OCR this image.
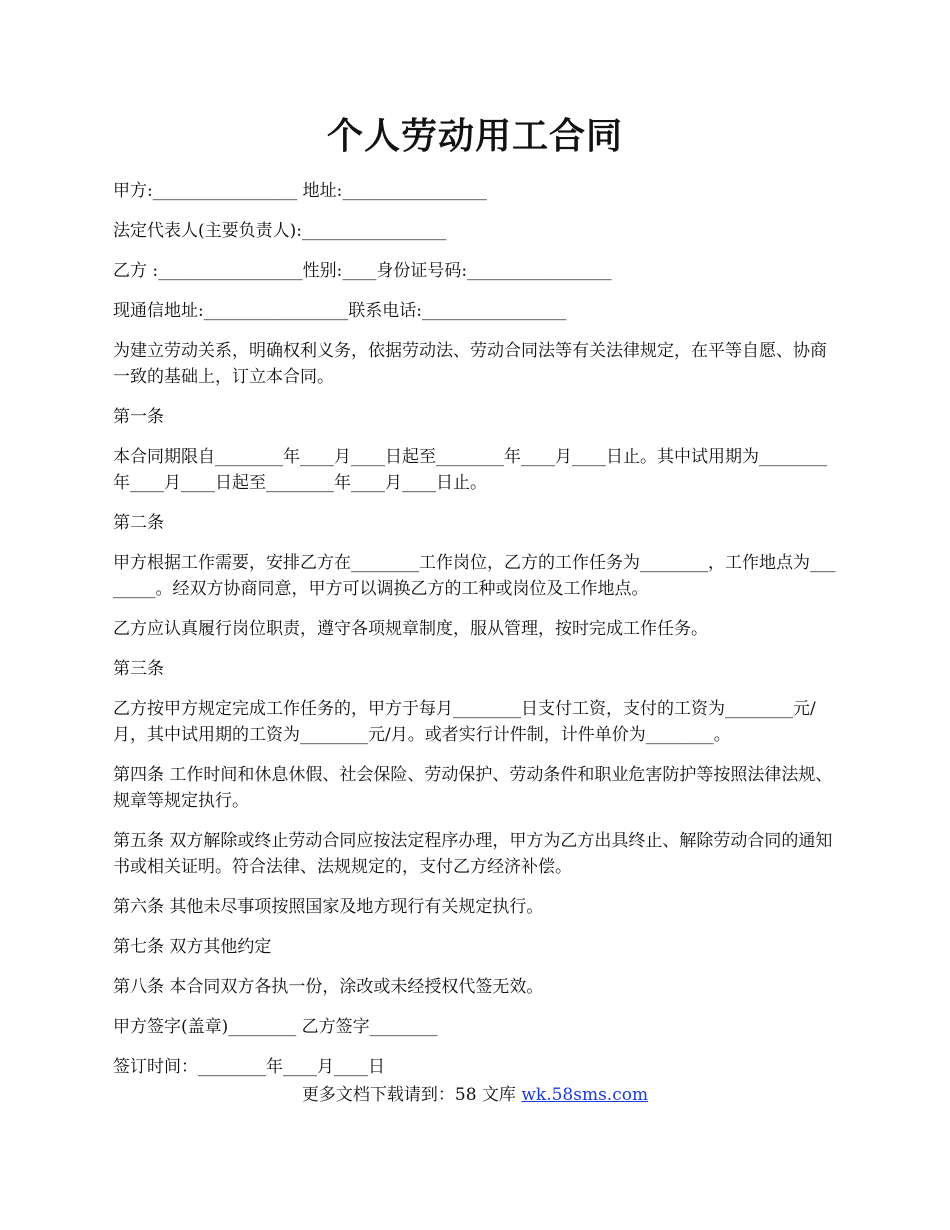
个人劳动用工合同

甲方:_________________ 地址:_________________

法定代表人(主要负责人):_________________

乙方 :_________________性别:____身份证号码:_________________

现通信地址:_________________联系电话:_________________

为建立劳动关系，明确权利义务，依据劳动法、劳动合同法等有关法律规定，在平等自愿、协商一致的基础上，订立本合同。

第一条

本合同期限自________年____月____日起至________年____月____日止。其中试用期为________年____月____日起至________年____月____日止。

第二条

甲方根据工作需要，安排乙方在________工作岗位，乙方的工作任务为________，工作地点为________。经双方协商同意，甲方可以调换乙方的工种或岗位及工作地点。

乙方应认真履行岗位职责，遵守各项规章制度，服从管理，按时完成工作任务。

第三条

乙方按甲方规定完成工作任务的，甲方于每月________日支付工资，支付的工资为________元/月，其中试用期的工资为________元/月。或者实行计件制，计件单价为________。

第四条 工作时间和休息休假、社会保险、劳动保护、劳动条件和职业危害防护等按照法律法规、规章等规定执行。

第五条 双方解除或终止劳动合同应按法定程序办理，甲方为乙方出具终止、解除劳动合同的通知书或相关证明。符合法律、法规规定的，支付乙方经济补偿。

第六条 其他未尽事项按照国家及地方现行有关规定执行。

第七条 双方其他约定

第八条 本合同双方各执一份，涂改或未经授权代签无效。

甲方签字(盖章)________ 乙方签字________

签订时间：________年____月____日

更多文档下载请到：58 文库 wk.58sms.com
